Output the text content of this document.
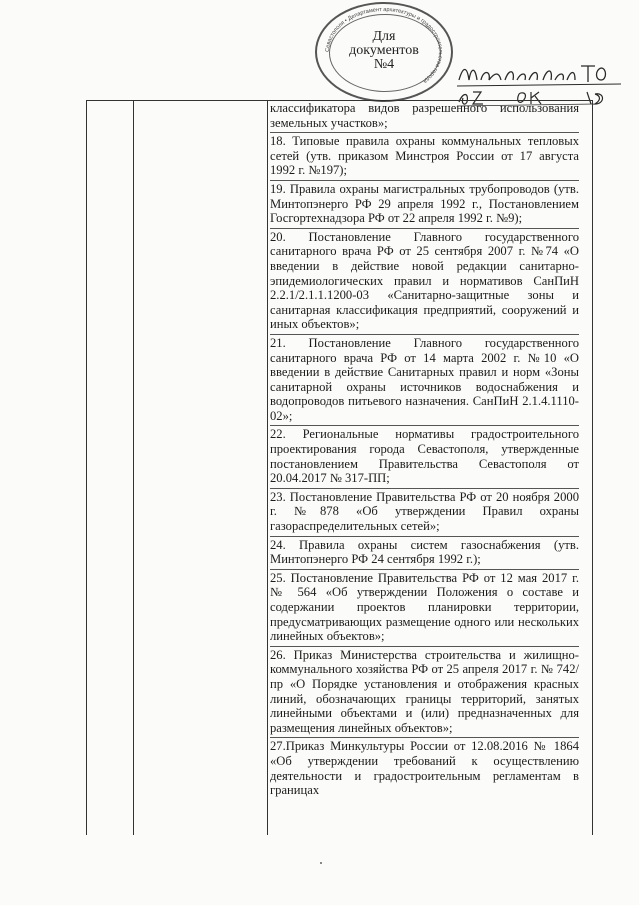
Севастополя • Департамент архитектуры и градостроительства города
Для
документов
№4

классификатора видов разрешенного использования земельных участков»;

18. Типовые правила охраны коммунальных тепловых сетей (утв. приказом Минстроя России от 17 августа 1992 г. №197);

19. Правила охраны магистральных трубопроводов (утв. Минтопэнерго РФ 29 апреля 1992 г., Постановлением Госгортехнадзора РФ от 22 апреля 1992 г. №9);

20. Постановление Главного государственного санитарного врача РФ от 25 сентября 2007 г. №74 «О введении в действие новой редакции санитарно-эпидемиологических правил и нормативов СанПиН 2.2.1/2.1.1.1200-03 «Санитарно-защитные зоны и санитарная классификация предприятий, сооружений и иных объектов»;

21. Постановление Главного государственного санитарного врача РФ от 14 марта 2002 г. №10 «О введении в действие Санитарных правил и норм «Зоны санитарной охраны источников водоснабжения и водопроводов питьевого назначения. СанПиН 2.1.4.1110-02»;

22. Региональные нормативы градостроительного проектирования города Севастополя, утвержденные постановлением Правительства Севастополя от 20.04.2017 № 317-ПП;

23. Постановление Правительства РФ от 20 ноября 2000 г. №878 «Об утверждении Правил охраны газораспределительных сетей»;

24. Правила охраны систем газоснабжения (утв. Минтопэнерго РФ 24 сентября 1992 г.);

25. Постановление Правительства РФ от 12 мая 2017 г. № 564 «Об утверждении Положения о составе и содержании проектов планировки территории, предусматривающих размещение одного или нескольких линейных объектов»;

26. Приказ Министерства строительства и жилищно-коммунального хозяйства РФ от 25 апреля 2017 г. № 742/пр «О Порядке установления и отображения красных линий, обозначающих границы территорий, занятых линейными объектами и (или) предназначенных для размещения линейных объектов»;

27.Приказ Минкультуры России от 12.08.2016 № 1864 «Об утверждении требований к осуществлению деятельности и градостроительным регламентам в границах
